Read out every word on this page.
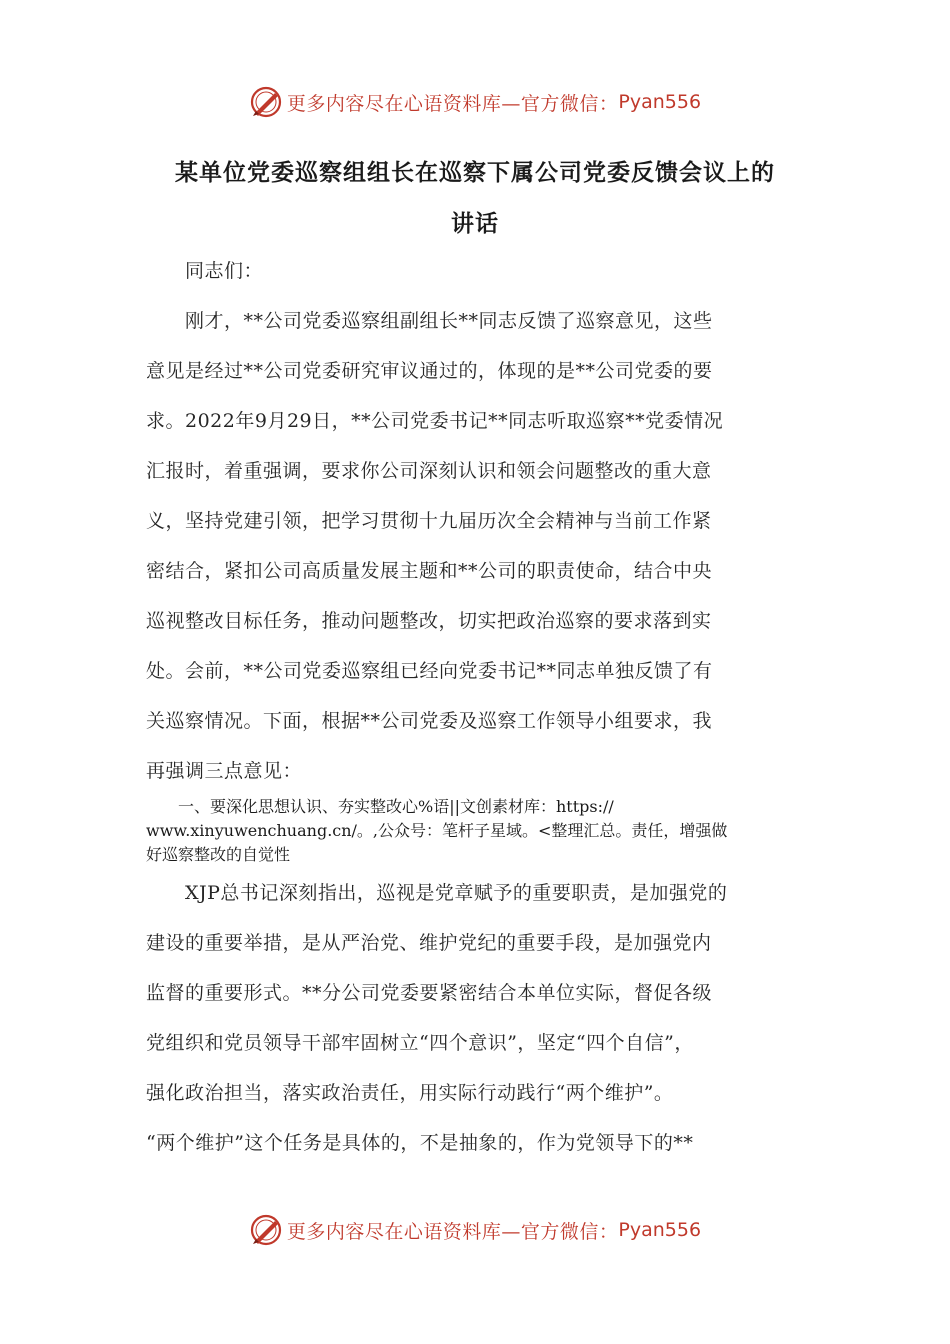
更多内容尽在心语资料库—官方微信： Pyan556
某单位党委巡察组组长在巡察下属公司党委反馈会议上的
讲话
　　同志们：
　　刚才，**公司党委巡察组副组长**同志反馈了巡察意见，这些
意见是经过**公司党委研究审议通过的，体现的是**公司党委的要
求。2022年9月29日，**公司党委书记**同志听取巡察**党委情况
汇报时，着重强调，要求你公司深刻认识和领会问题整改的重大意
义，坚持党建引领，把学习贯彻十九届历次全会精神与当前工作紧
密结合，紧扣公司高质量发展主题和**公司的职责使命，结合中央
巡视整改目标任务，推动问题整改，切实把政治巡察的要求落到实
处。会前，**公司党委巡察组已经向党委书记**同志单独反馈了有
关巡察情况。下面，根据**公司党委及巡察工作领导小组要求，我
再强调三点意见：
　　一、要深化思想认识、夯实整改心%语||文创素材库：https://
www.xinyuwenchuang.cn/。,公众号：笔杆子星域。<整理汇总。责任，增强做
好巡察整改的自觉性
　　XJP总书记深刻指出，巡视是党章赋予的重要职责，是加强党的
建设的重要举措，是从严治党、维护党纪的重要手段，是加强党内
监督的重要形式。**分公司党委要紧密结合本单位实际，督促各级
党组织和党员领导干部牢固树立“四个意识”，坚定“四个自信”，
强化政治担当，落实政治责任，用实际行动践行“两个维护”。
“两个维护”这个任务是具体的，不是抽象的，作为党领导下的**
更多内容尽在心语资料库—官方微信： Pyan556
